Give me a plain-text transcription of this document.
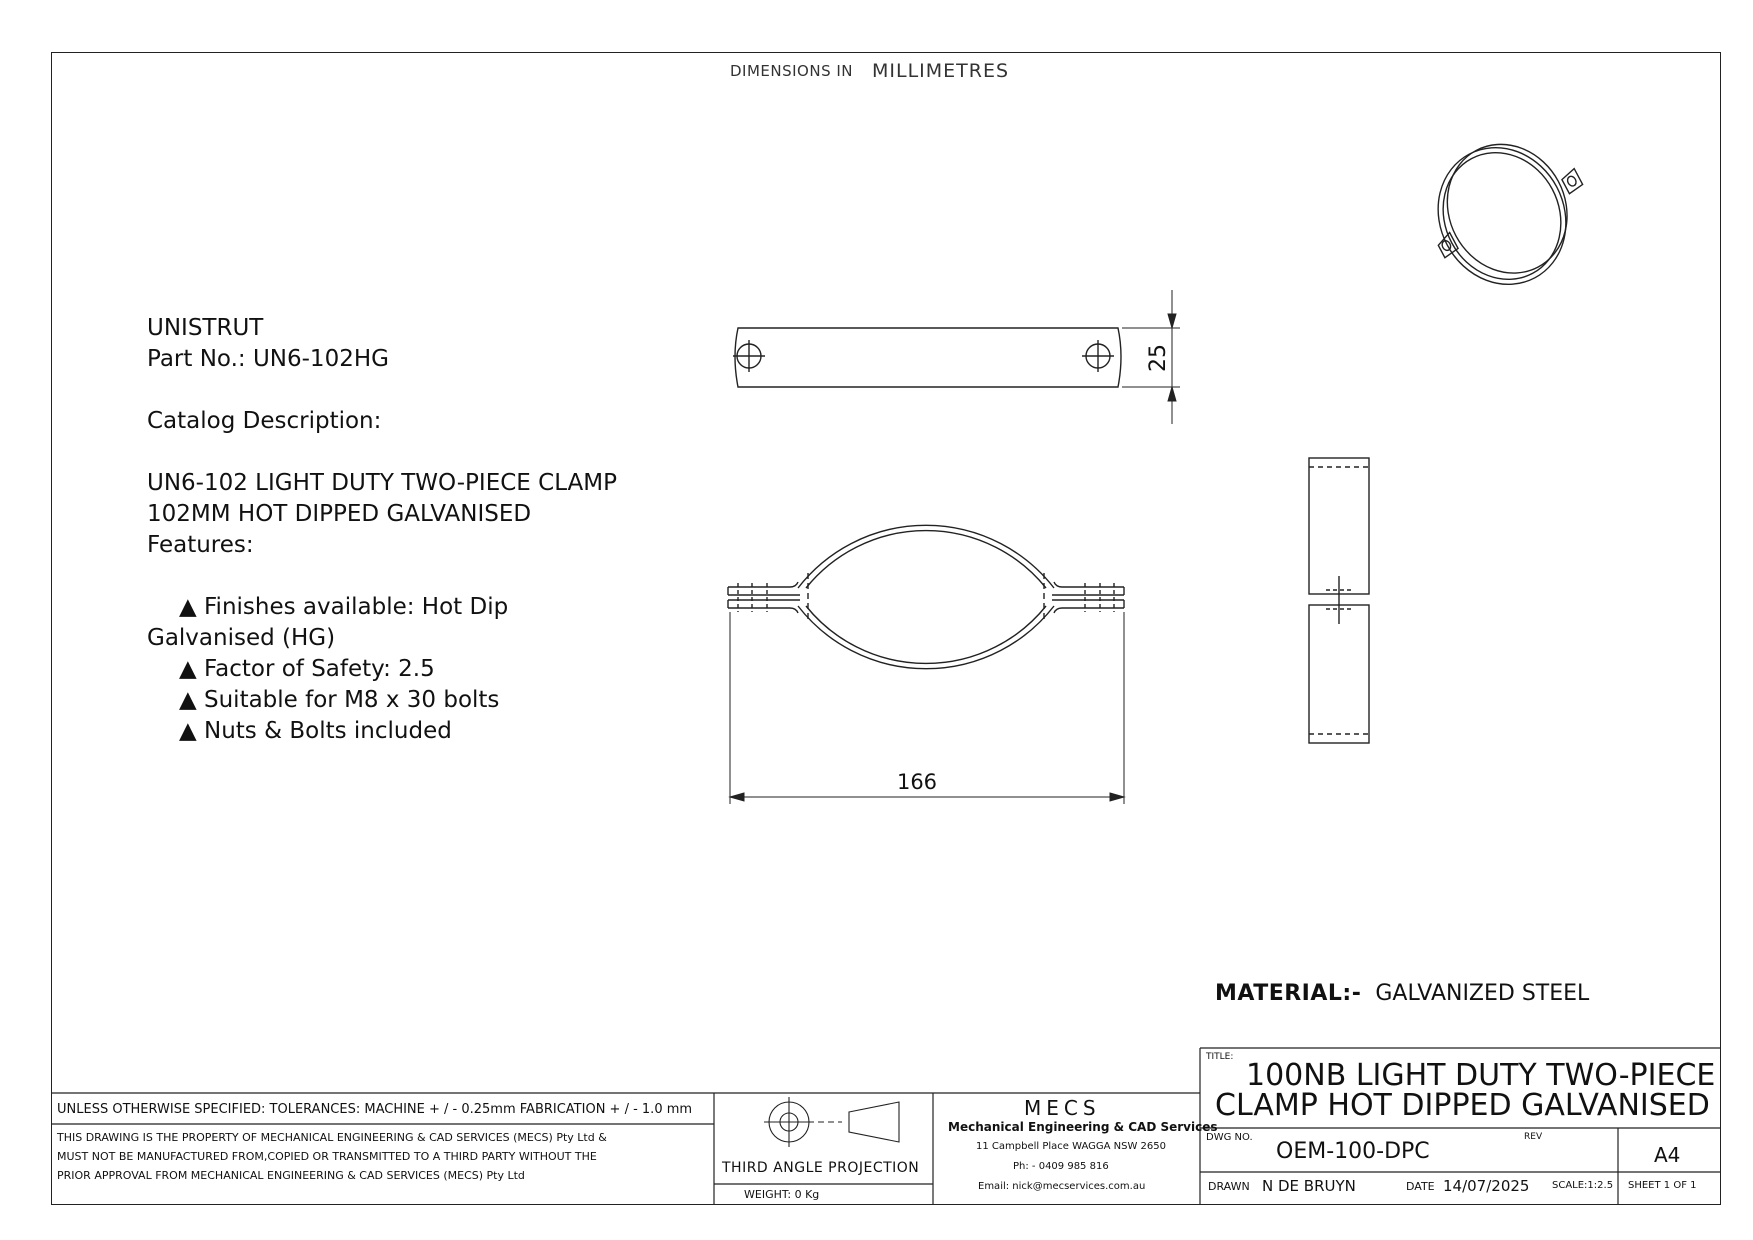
DIMENSIONS IN MILLIMETRES
UNISTRUT
Part No.: UN6-102HG
Catalog Description:
UN6-102 LIGHT DUTY TWO-PIECE CLAMP
102MM HOT DIPPED GALVANISED
Features:
▲ Finishes available: Hot Dip
Galvanised (HG)
▲ Factor of Safety: 2.5
▲ Suitable for M8 x 30 bolts
▲ Nuts & Bolts included
25
166
MATERIAL:- GALVANIZED STEEL
UNLESS OTHERWISE SPECIFIED: TOLERANCES: MACHINE + / - 0.25mm FABRICATION + / - 1.0 mm
THIS DRAWING IS THE PROPERTY OF MECHANICAL ENGINEERING & CAD SERVICES (MECS) Pty Ltd &
MUST NOT BE MANUFACTURED FROM,COPIED OR TRANSMITTED TO A THIRD PARTY WITHOUT THE
PRIOR APPROVAL FROM MECHANICAL ENGINEERING & CAD SERVICES (MECS) Pty Ltd	THIRD ANGLE PROJECTION
WEIGHT: 0 Kg
MECS
Mechanical Engineering & CAD Services
11 Campbell Place WAGGA NSW 2650
Ph: - 0409 985 816
Email: nick@mecservices.com.au
TITLE:
100NB LIGHT DUTY TWO-PIECE
CLAMP HOT DIPPED GALVANISED
DWG NO.
OEM-100-DPC
REV
A4
DRAWN N DE BRUYN	DATE 14/07/2025 SCALE:1:2.5 SHEET 1 OF 1
